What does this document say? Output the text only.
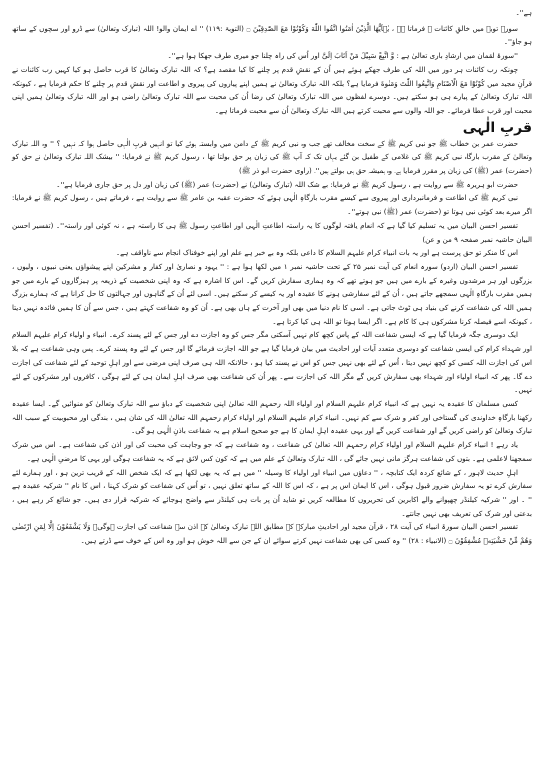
ہے''۔

سورۂ توبہ میں خالقِ کائنات ﷺ فرماتا ہے ، یٰۤاَیُّهَا الَّذِیْنَ اٰمَنُوا اتَّقُوا اللّٰهَ وَكُوْنُوْا مَعَ الصّٰدِقِیْنَ ۝ (التوبۃ :۱۱۹) '' اے ایمان والو! اللہ (تبارک وتعالیٰ) سے ڈرو اور سچوں کے ساتھ ہو جاؤ''۔

''سورۂ لقمان میں ارشادِ باری تعالیٰ ہے : وَّ اتَّبِعْ سَبِیْلَ مَنْ اَنَابَ اِلَیَّ اور اُس کی راہ چلنا جو میری طرف جھکا ہوا ہے''۔

چونکہ رب کائنات ہر دور میں اللہ کی طرف جھکے ہوئے ہیں اُن کے نقشِ قدم پر چلنے کا کیا مقصد ہے؟ کہ اللہ تبارک وتعالیٰ کا قرب حاصل ہو کیا کہیں رب کائنات نے قرآنِ مجید میں کُوْنُوْٓا مَعَ الْاَصْنَامِ وَاتَّبِعُوا اللّٰتَ وَمَنٰوةَ فرمایا ہے؟ بلکہ اللہ تبارک وتعالیٰ نے ہمیں اپنے پیاروں کی پیروی و اطاعت اور نقشِ قدم پر چلنے کا حکم فرمایا ہے ، کیونکہ اللہ تبارک وتعالیٰ کے پیارے ہی ہو سکتے ہیں۔ دوسرے لفظوں میں اللہ تبارک وتعالیٰ کی رضا اُن کی محبت سے اللہ تبارک وتعالیٰ راضی ہو اور اللہ تبارک وتعالیٰ ہمیں اپنی محبت اور قرب عطا فرمائے۔ جو اللہ والوں سے محبت کرتے ہیں اللہ تبارک وتعالیٰ اُن سے محبت فرماتا ہے۔

قربِ الٰہی

حضرت عمر بن خطاب ﷺ جو نبی کریم ﷺ کے سخت مخالف تھے جب وہ نبی کریم ﷺ کے دامن میں وابستہ ہوئے کیا تو انہیں قربِ الٰہی حاصل ہوا کہ نہیں ؟ '' وہ اللہ تبارک وتعالیٰ کے مقرب بارگاہ نبی کریم ﷺ کی غلامی کے طفیل بن گئے یہاں تک کہ آپ ﷺ کی زبان پر حق بولتا تھا ، رسول کریم ﷺ نے فرمایا: '' بیشک اللہ تبارک وتعالیٰ نے حق کو (حضرت) عمر (ﷺ) کی زبان پر مقرر فرمایا ہے۔ وہ ہمیشہ حق ہی بولتے ہیں''۔ (راوی حضرت ابو ذر ﷺ)

حضرت ابو ہریرہ ﷺ سے روایت ہے ، رسول کریم ﷺ نے فرمایا: بے شک اللہ (تبارک وتعالیٰ) نے (حضرت) عمر (ﷺ) کی زبان اور دل پر حق جاری فرمایا ہے''۔

نبی کریم ﷺ کی اطاعت و فرمانبرداری اور پیروی سے کیسے مقرب بارگاہِ الٰہی ہوئے کہ حضرت عقبہ بن عامر ﷺ سے روایت ہے ، فرماتے ہیں ، رسول کریم ﷺ نے فرمایا: اگر میرے بعد کوئی نبی ہوتا تو (حضرت) عمر (ﷺ) نبی ہوتے''۔

تفسیر احسن البیان میں یہ تسلیم کیا گیا ہے کہ انعام یافتہ لوگوں کا یہ راستہ اطاعتِ الٰہی اور اطاعتِ رسول ﷺ ہی کا راستہ ہے ، نہ کوئی اور راستہ''۔ (تفسیر احسن البیان حاشیہ نمبر صفحہ ۹ من و عن)

اس کا منکر تو حق پرست ہے اور یہ بات انبیاء کرام علیہم السلام کا داعی بلکہ وہ بے خبر ہے علم اور اپنے خوفناک انجام سے ناواقف ہے۔

تفسیر احسن البیان (اردو) سورہ انعام کی آیت نمبر ۲۵ کے تحت حاشیہ نمبر ۱ میں لکھا ہوا ہے : '' یہود و نصاریٰ اور کفار و مشرکین اپنے پیشواؤں یعنی نبیوں ، ولیوں ، بزرگوں اور ہر مرشدوں وغیرہ کے بارے میں ہیں جو ہوتے تھے کہ وہ ہماری سفارش کریں گے۔ اس کا اشارہ ہے کہ وہ اپنی شخصیت کے ذریعہ پر ہیزگاروں کے بارے میں جو ہمیں مقرب بارگاہِ الٰہی سمجھے جاتے ہیں ، اُن کے لئے سفارشی ہونے کا عقیدہ اور یہ کیسے کر سکتے ہیں۔ اسی لئے اُن کے گناہوں اور جہالتوں کا حل کرانا ہے کہ ہمارے بزرگ ہمیں اللہ کی شفاعت کرنے کی بنیاد ہی ٹوٹ جاتی ہے۔ اسی کا نام دنیا میں بھی اور آخرت کے ہاں بھی ہے۔ اُن کو وہ شفاعت کہتے ہیں ، جس سے اُن کا ہمیں فائدہ نہیں دیتا ، کیونکہ اسے فیصلہ کرنا مشرکوں ہی کا کام ہے۔ اگر ایسا ہوتا تو اللہ ہی کیا کرتا ہے۔

ایک دوسری جگہ فرمایا گیا ہے کہ ایسی شفاعت اللہ کے پاس کچھ کام نہیں آسکتی مگر جس کو وہ اجازت دے اور جس کے لئے پسند کرے۔ انبیاء و اولیاء کرام علیہم السلام اور شہداء کرام کی ایسی شفاعت کو دوسری متعدد آیات اور احادیث میں بیان فرمایا گیا ہے جو اللہ اجازت فرمائے گا اور جس کے لئے وہ پسند کرے۔ پس وہی شفاعت ہے کہ بلا اس کی اجازت اللہ کسی کو کچھ نہیں دیتا ، اُس کے لئے بھی نہیں جس کو اس نے پسند کیا ہو ، حالانکہ اللہ ہی صرف اپنی مرضی سے اور اہلِ توحید کے لئے شفاعت کی اجازت دے گا۔ پھر کہ انبیاء اولیاء اور شہداء بھی سفارش کریں گے مگر اللہ کی اجازت سے۔ پھر اُن کی شفاعت بھی صرف اہلِ ایمان ہی کے لئے ہوگی ، کافروں اور مشرکوں کے لئے نہیں۔

کسی مسلمان کا عقیدہ یہ نہیں ہے کہ انبیاء کرام علیہم السلام اور اولیاء اللہ رحمہم اللہ تعالیٰ اپنی شخصیت کے دباؤ سے اللہ تبارک وتعالیٰ کو منوائیں گے۔ ایسا عقیدہ رکھنا بارگاہِ خداوندی کی گستاخی اور کفر و شرک سے کم نہیں۔ انبیاء کرام علیہم السلام اور اولیاء کرام رحمہم اللہ تعالیٰ اللہ کی شان ہیں ، بندگی اور محبوبیت کے سبب اللہ تبارک وتعالیٰ کو راضی کریں گے اور شفاعت کریں گے اور یہی عقیدہ اہلِ ایمان کا ہے جو صحیح اسلام ہے یہ شفاعت باذنِ الٰہی ہو گی۔

یاد رہے ! انبیاء کرام علیہم السلام اور اولیاء کرام رحمہم اللہ تعالیٰ کی شفاعت ، وہ شفاعت ہے کہ جو وجاہت کی محبت کی اور اذن کی شفاعت ہے۔ اس میں شرک سمجھنا لاعلمی ہے۔ بتوں کی شفاعت ہرگز مانی نہیں جائے گی ، اللہ تبارک وتعالیٰ کے علم میں ہے کہ کون کس لائق ہے کہ یہ شفاعت ہوگی اور یہی کا مرضیِ الٰہی ہے۔

اہلِ حدیث لاہور ، کے شائع کردہ ایک کتابچہ ، '' دعاؤں میں انبیاء اور اولیاء کا وسیلہ '' میں ہے کہ یہ بھی لکھا ہے کہ ایک شخص اللہ کے قریب ترین ہو ، اور ہمارے لئے سفارش کرے تو یہ سفارش ضرور قبول ہوگی ، اس کا ایمان اس پر ہے ، کہ اس کا اللہ کے ساتھ تعلق نہیں ، تو اُس کی شفاعت کو شرک کہنا ، اس کا نام '' شرکیہ عقیدہ ہے '' ۔ اور '' شرکیہ کیلنڈر چھپوانے والے اکابرین کی تحریروں کا مطالعہ کریں تو شاید اُن پر بات ہی کیلنڈر سے واضح ہوجائے کہ شرکیہ قرار دی ہیں۔ جو شائع کر رہے ہیں ، بدعتی اور شرک کی تعریف بھی نہیں جانتے۔

تفسیر احسن البیان سورۃ انبیاء کی آیت ۲۸ ، قرآن مجید اور احادیثِ مبارکہ کے مطابق اللہ تبارک وتعالیٰ کے اذن سے شفاعت کی اجازت ہوگی۔ وَلَا یَشْفَعُوْنَ اِلَّا لِمَنِ ارْتَضٰی وَهُمْ مِّنْ خَشْیَتِهٖ مُشْفِقُوْنَ ۝ (الانبیاء : ۲۸) '' وہ کسی کی بھی شفاعت نہیں کرتے سوائے ان کے جن سے اللہ خوش ہو اور وہ اس کے خوف سے ڈرتے ہیں۔
